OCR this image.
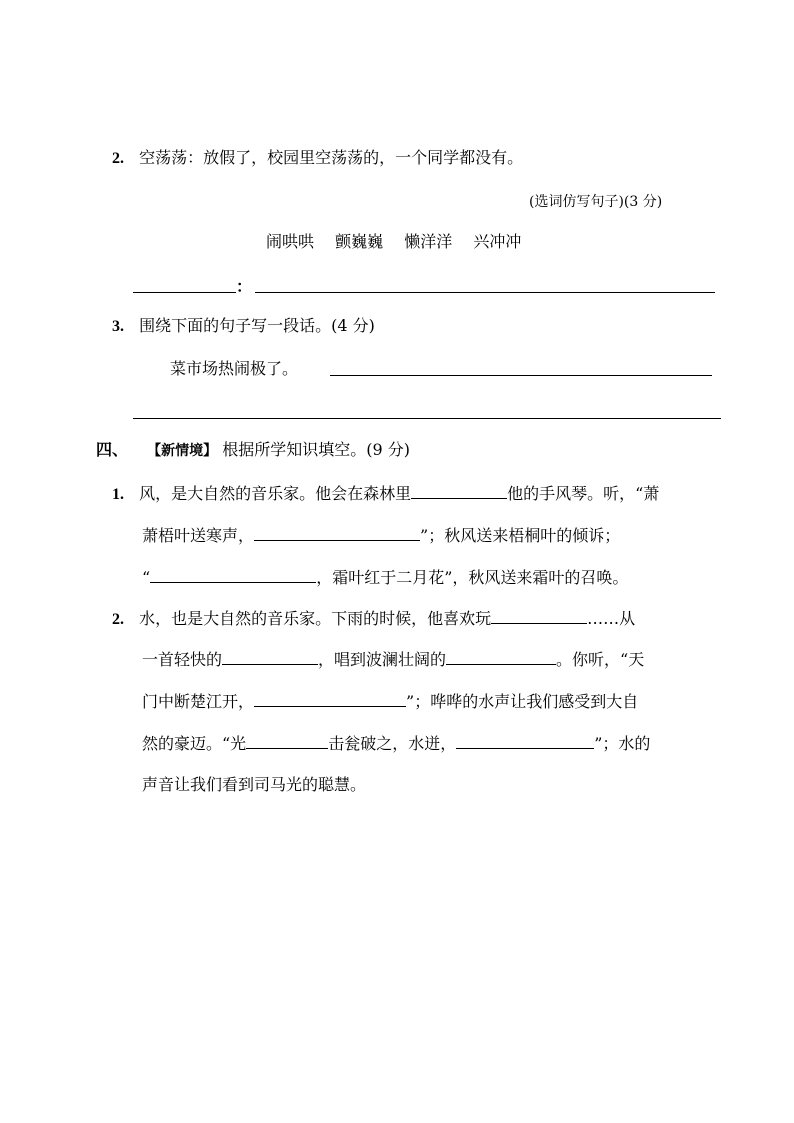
2. 空荡荡：放假了，校园里空荡荡的，一个同学都没有。
(选词仿写句子)(3 分)
闹哄哄 颤巍巍 懒洋洋 兴冲冲
：
3. 围绕下面的句子写一段话。(4 分)
菜市场热闹极了。
四、 【新情境】 根据所学知识填空。(9 分)
1. 风，是大自然的音乐家。他会在森林里	他的手风琴。听，“萧
萧梧叶送寒声，	”；秋风送来梧桐叶的倾诉；
“	，霜叶红于二月花”，秋风送来霜叶的召唤。
2. 水，也是大自然的音乐家。下雨的时候，他喜欢玩	……从
一首轻快的	，唱到波澜壮阔的	。你听，“天
门中断楚江开，	”；哗哗的水声让我们感受到大自
然的豪迈。“光	击瓮破之，水迸，	”；水的
声音让我们看到司马光的聪慧。
